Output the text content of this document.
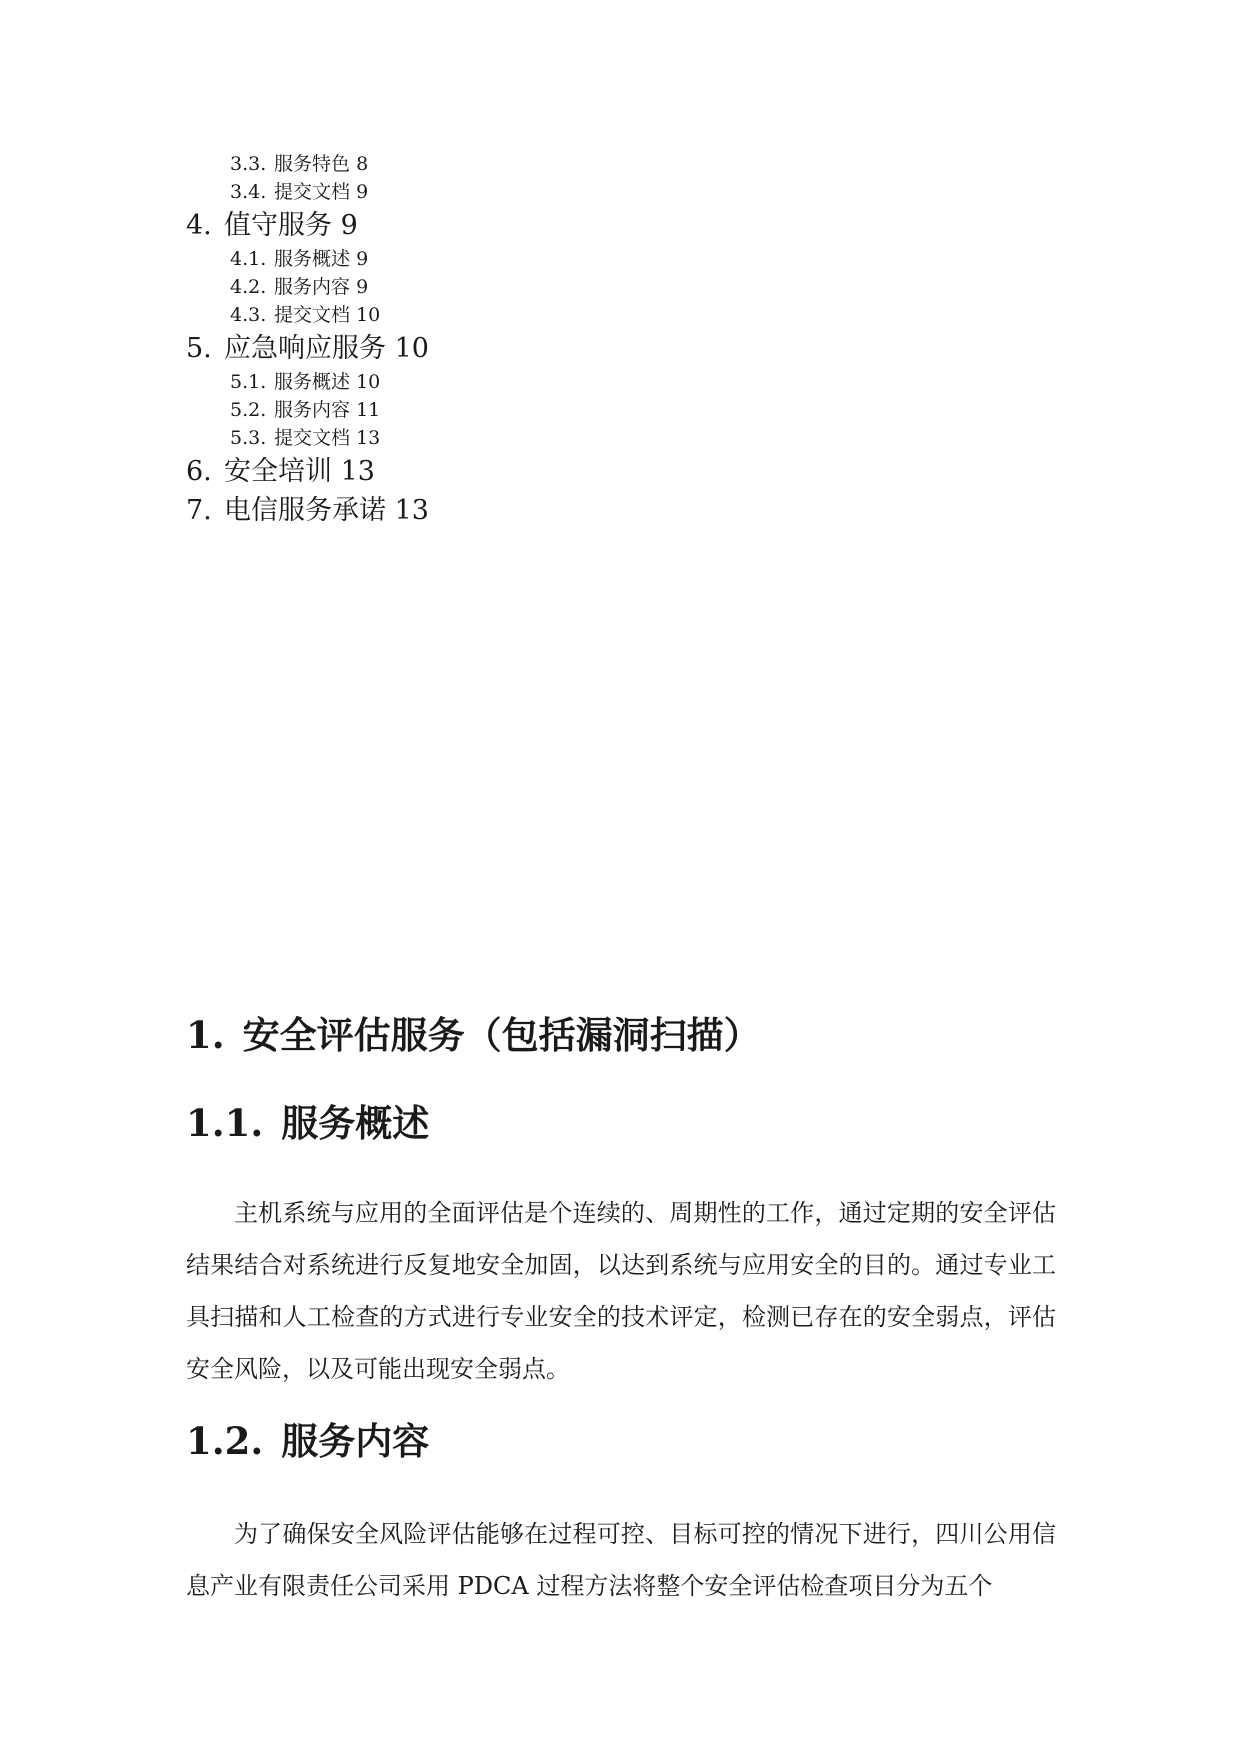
3.3. 服务特色 8
3.4. 提交文档 9
4. 值守服务 9
4.1. 服务概述 9
4.2. 服务内容 9
4.3. 提交文档 10
5. 应急响应服务 10
5.1. 服务概述 10
5.2. 服务内容 11
5.3. 提交文档 13
6. 安全培训 13
7. 电信服务承诺 13
1. 安全评估服务（包括漏洞扫描）
1.1. 服务概述
主机系统与应用的全面评估是个连续的、周期性的工作，通过定期的安全评估结果结合对系统进行反复地安全加固，以达到系统与应用安全的目的。通过专业工具扫描和人工检查的方式进行专业安全的技术评定，检测已存在的安全弱点，评估安全风险，以及可能出现安全弱点。
1.2. 服务内容
为了确保安全风险评估能够在过程可控、目标可控的情况下进行，四川公用信息产业有限责任公司采用 PDCA 过程方法将整个安全评估检查项目分为五个
